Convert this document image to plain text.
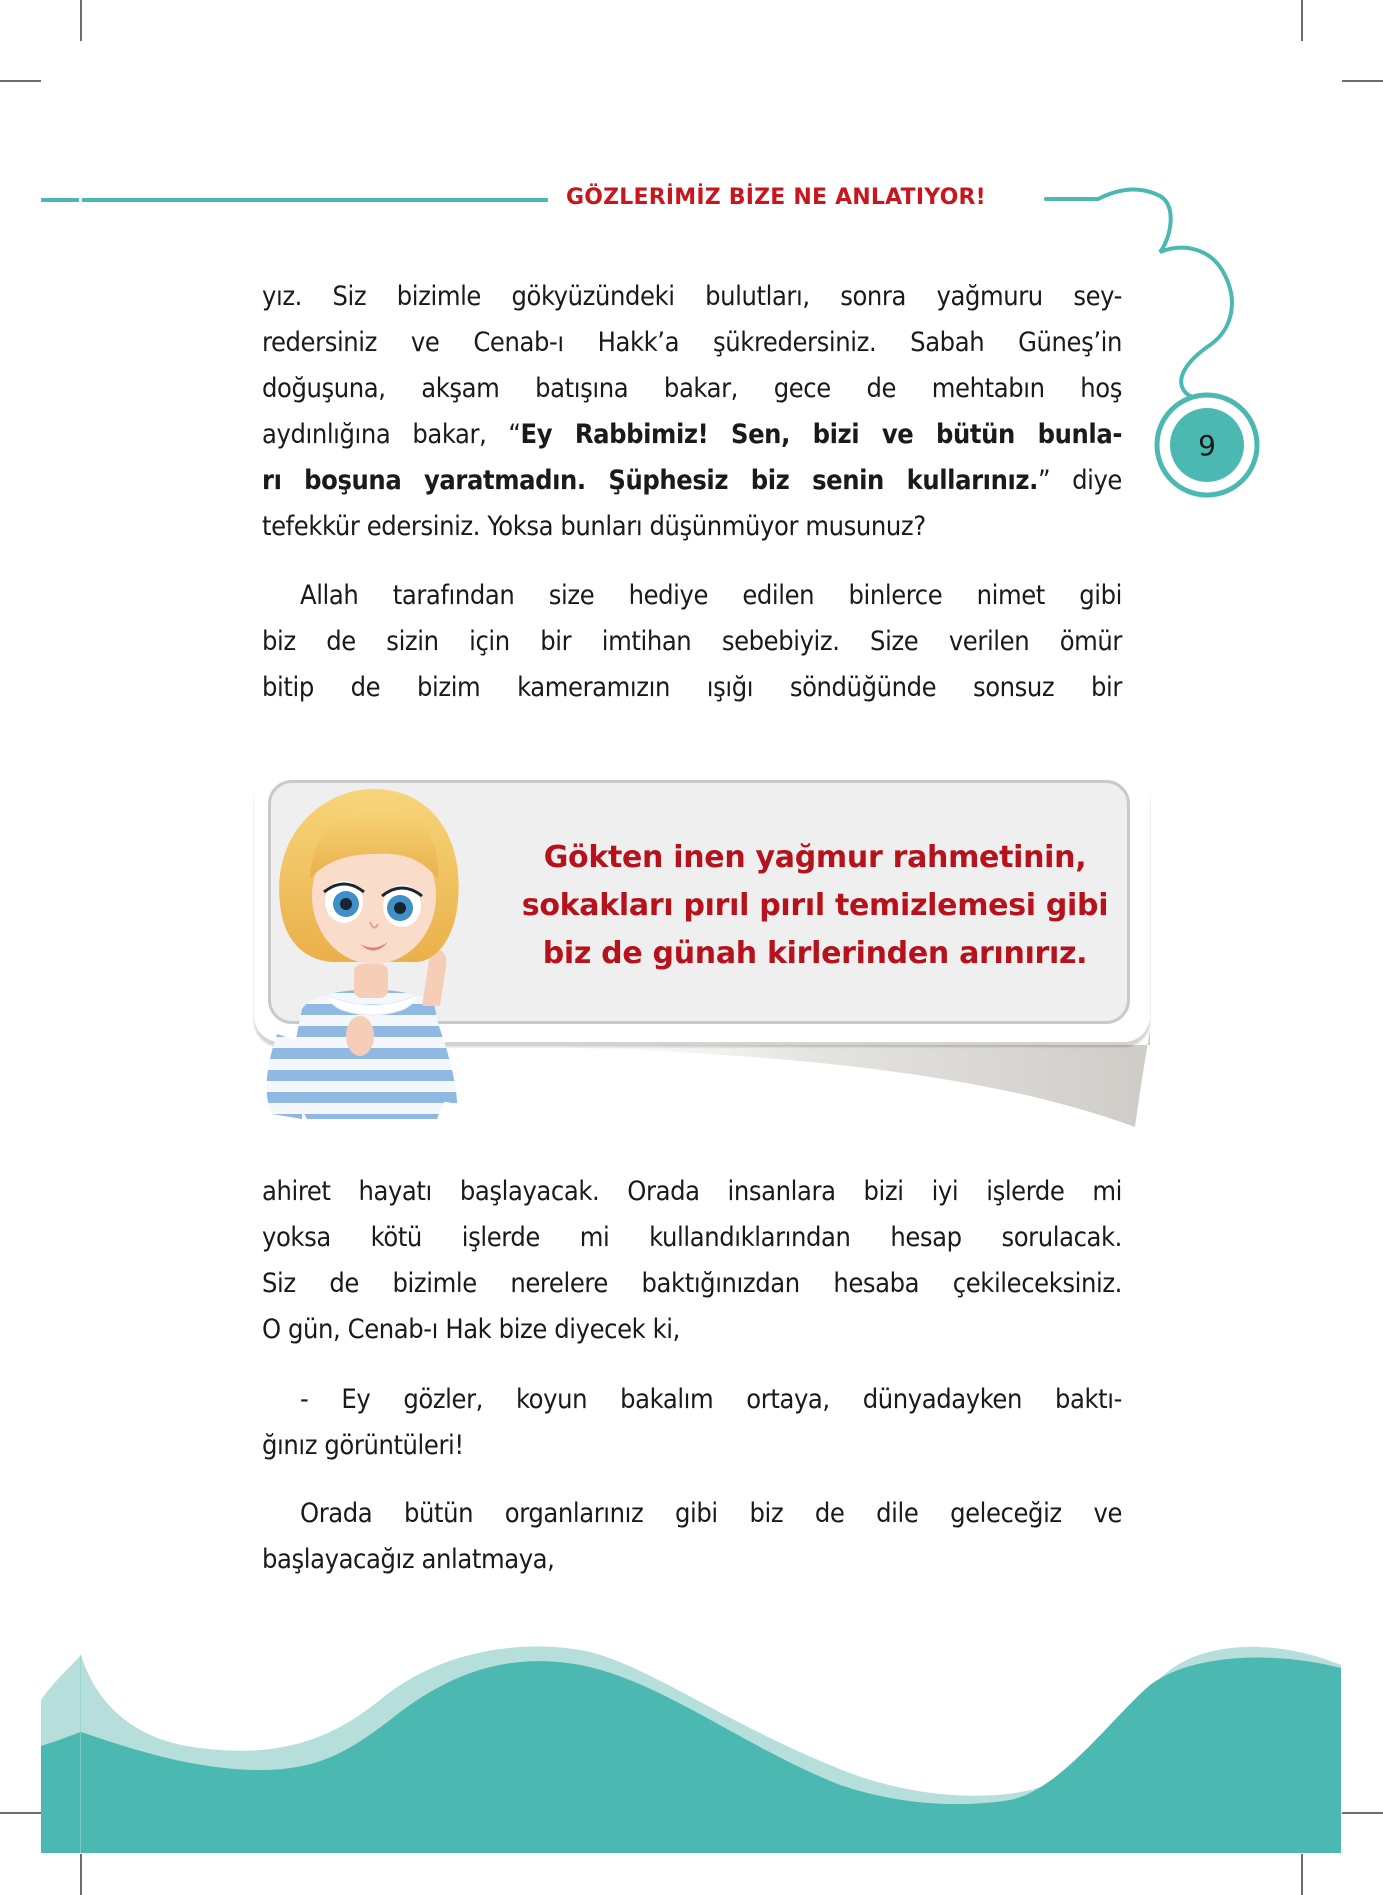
GÖZLERİMİZ BİZE NE ANLATIYOR!
9
yız. Siz bizimle gökyüzündeki bulutları, sonra yağmuru sey-
redersiniz ve Cenab-ı Hakk’a şükredersiniz. Sabah Güneş’in
doğuşuna, akşam batışına bakar, gece de mehtabın hoş
aydınlığına bakar, “Ey Rabbimiz! Sen, bizi ve bütün bunla-
rı boşuna yaratmadın. Şüphesiz biz senin kullarınız.” diye
tefekkür edersiniz. Yoksa bunları düşünmüyor musunuz?
Allah tarafından size hediye edilen binlerce nimet gibi
biz de sizin için bir imtihan sebebiyiz. Size verilen ömür
bitip de bizim kameramızın ışığı söndüğünde sonsuz bir
Gökten inen yağmur rahmetinin,
sokakları pırıl pırıl temizlemesi gibi
biz de günah kirlerinden arınırız.
ahiret hayatı başlayacak. Orada insanlara bizi iyi işlerde mi
yoksa kötü işlerde mi kullandıklarından hesap sorulacak.
Siz de bizimle nerelere baktığınızdan hesaba çekileceksiniz.
O gün, Cenab-ı Hak bize diyecek ki,
- Ey gözler, koyun bakalım ortaya, dünyadayken baktı-
ğınız görüntüleri!
Orada bütün organlarınız gibi biz de dile geleceğiz ve
başlayacağız anlatmaya,
